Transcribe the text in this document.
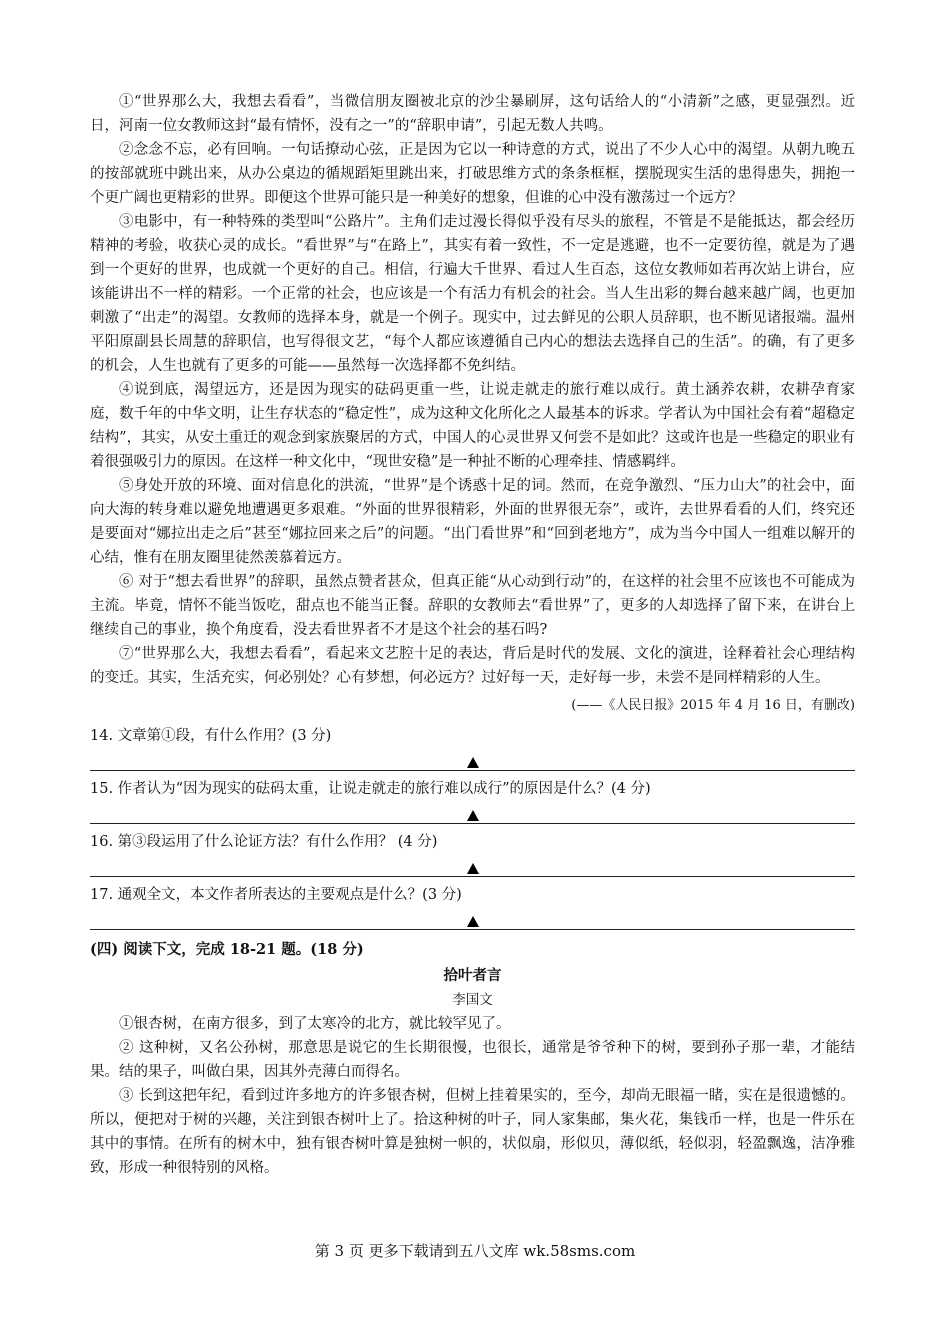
①“世界那么大，我想去看看”，当微信朋友圈被北京的沙尘暴刷屏，这句话给人的“小清新”之感，更显强烈。近日，河南一位女教师这封“最有情怀，没有之一”的“辞职申请”，引起无数人共鸣。

②念念不忘，必有回响。一句话撩动心弦，正是因为它以一种诗意的方式，说出了不少人心中的渴望。从朝九晚五的按部就班中跳出来，从办公桌边的循规蹈矩里跳出来，打破思维方式的条条框框，摆脱现实生活的患得患失，拥抱一个更广阔也更精彩的世界。即便这个世界可能只是一种美好的想象，但谁的心中没有激荡过一个远方？

③电影中，有一种特殊的类型叫“公路片”。主角们走过漫长得似乎没有尽头的旅程，不管是不是能抵达，都会经历精神的考验，收获心灵的成长。“看世界”与“在路上”，其实有着一致性，不一定是逃避，也不一定要彷徨，就是为了遇到一个更好的世界，也成就一个更好的自己。相信，行遍大千世界、看过人生百态，这位女教师如若再次站上讲台，应该能讲出不一样的精彩。一个正常的社会，也应该是一个有活力有机会的社会。当人生出彩的舞台越来越广阔，也更加刺激了“出走”的渴望。女教师的选择本身，就是一个例子。现实中，过去鲜见的公职人员辞职，也不断见诸报端。温州平阳原副县长周慧的辞职信，也写得很文艺，“每个人都应该遵循自己内心的想法去选择自己的生活”。的确，有了更多的机会，人生也就有了更多的可能——虽然每一次选择都不免纠结。

④说到底，渴望远方，还是因为现实的砝码更重一些，让说走就走的旅行难以成行。黄土涵养农耕，农耕孕育家庭，数千年的中华文明，让生存状态的“稳定性”，成为这种文化所化之人最基本的诉求。学者认为中国社会有着“超稳定结构”，其实，从安土重迁的观念到家族聚居的方式，中国人的心灵世界又何尝不是如此？这或许也是一些稳定的职业有着很强吸引力的原因。在这样一种文化中，“现世安稳”是一种扯不断的心理牵挂、情感羁绊。

⑤身处开放的环境、面对信息化的洪流，“世界”是个诱惑十足的词。然而，在竞争激烈、“压力山大”的社会中，面向大海的转身难以避免地遭遇更多艰难。“外面的世界很精彩，外面的世界很无奈”，或许，去世界看看的人们，终究还是要面对“娜拉出走之后”甚至“娜拉回来之后”的问题。“出门看世界”和“回到老地方”，成为当今中国人一组难以解开的心结，惟有在朋友圈里徒然羡慕着远方。

⑥ 对于“想去看世界”的辞职，虽然点赞者甚众，但真正能“从心动到行动”的，在这样的社会里不应该也不可能成为主流。毕竟，情怀不能当饭吃，甜点也不能当正餐。辞职的女教师去“看世界”了，更多的人却选择了留下来，在讲台上继续自己的事业，换个角度看，没去看世界者不才是这个社会的基石吗?

⑦“世界那么大，我想去看看”，看起来文艺腔十足的表达，背后是时代的发展、文化的演进，诠释着社会心理结构的变迁。其实，生活充实，何必别处？心有梦想，何必远方？过好每一天，走好每一步，未尝不是同样精彩的人生。

(——《人民日报》2015 年 4 月 16 日，有删改)

14. 文章第①段，有什么作用？(3 分)

15. 作者认为“因为现实的砝码太重，让说走就走的旅行难以成行”的原因是什么？(4 分)

16. 第③段运用了什么论证方法？有什么作用？ (4 分)

17. 通观全文，本文作者所表达的主要观点是什么？(3 分)

(四) 阅读下文，完成 18-21 题。(18 分)

拾叶者言

李国文

①银杏树，在南方很多，到了太寒冷的北方，就比较罕见了。

② 这种树，又名公孙树，那意思是说它的生长期很慢，也很长，通常是爷爷种下的树，要到孙子那一辈，才能结果。结的果子，叫做白果，因其外壳薄白而得名。

③ 长到这把年纪，看到过许多地方的许多银杏树，但树上挂着果实的，至今，却尚无眼福一睹，实在是很遗憾的。所以，便把对于树的兴趣，关注到银杏树叶上了。拾这种树的叶子，同人家集邮，集火花，集钱币一样，也是一件乐在其中的事情。在所有的树木中，独有银杏树叶算是独树一帜的，状似扇，形似贝，薄似纸，轻似羽，轻盈飘逸，洁净雅致，形成一种很特别的风格。

第 3 页 更多下载请到五八文库 wk.58sms.com
